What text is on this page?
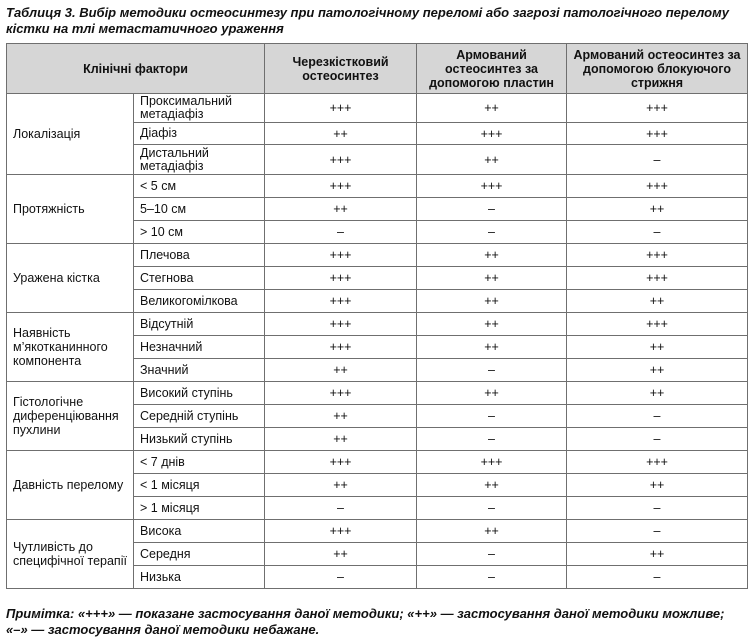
Таблиця 3. Вибір методики остеосинтезу при патологічному переломі або загрозі патологічного переломy кістки на тлі метастатичного ураження
Клінічні фактори		Черезкістковий остеосинтез	Армований остеосинтез за допомогою пластин	Армований остеосинтез за допомогою блокуючого стрижня
Локалізація	Проксимальний метадіафіз	+++	++	+++
	Діафіз	++	+++	+++
	Дистальний метадіафіз	+++	++	–
Протяжність	< 5 см	+++	+++	+++
	5–10 см	++	–	++
	> 10 см	–	–	–
Уражена кістка	Плечова	+++	++	+++
	Стегнова	+++	++	+++
	Великогомілкова	+++	++	++
Наявність м’якотканинного компонента	Відсутній	+++	++	+++
	Незначний	+++	++	++
	Значний	++	–	++
Гістологічне диференціювання пухлини	Високий ступінь	+++	++	++
	Середній ступінь	++	–	–
	Низький ступінь	++	–	–
Давність перелому	< 7 днів	+++	+++	+++
	< 1 місяця	++	++	++
	> 1 місяця	–	–	–
Чутливість до специфічної терапії	Висока	+++	++	–
	Середня	++	–	++
	Низька	–	–	–
Примітка: «+++» — показане застосування даної методики; «++» — застосування даної методики можливе; «–» — застосування даної методики небажане.
